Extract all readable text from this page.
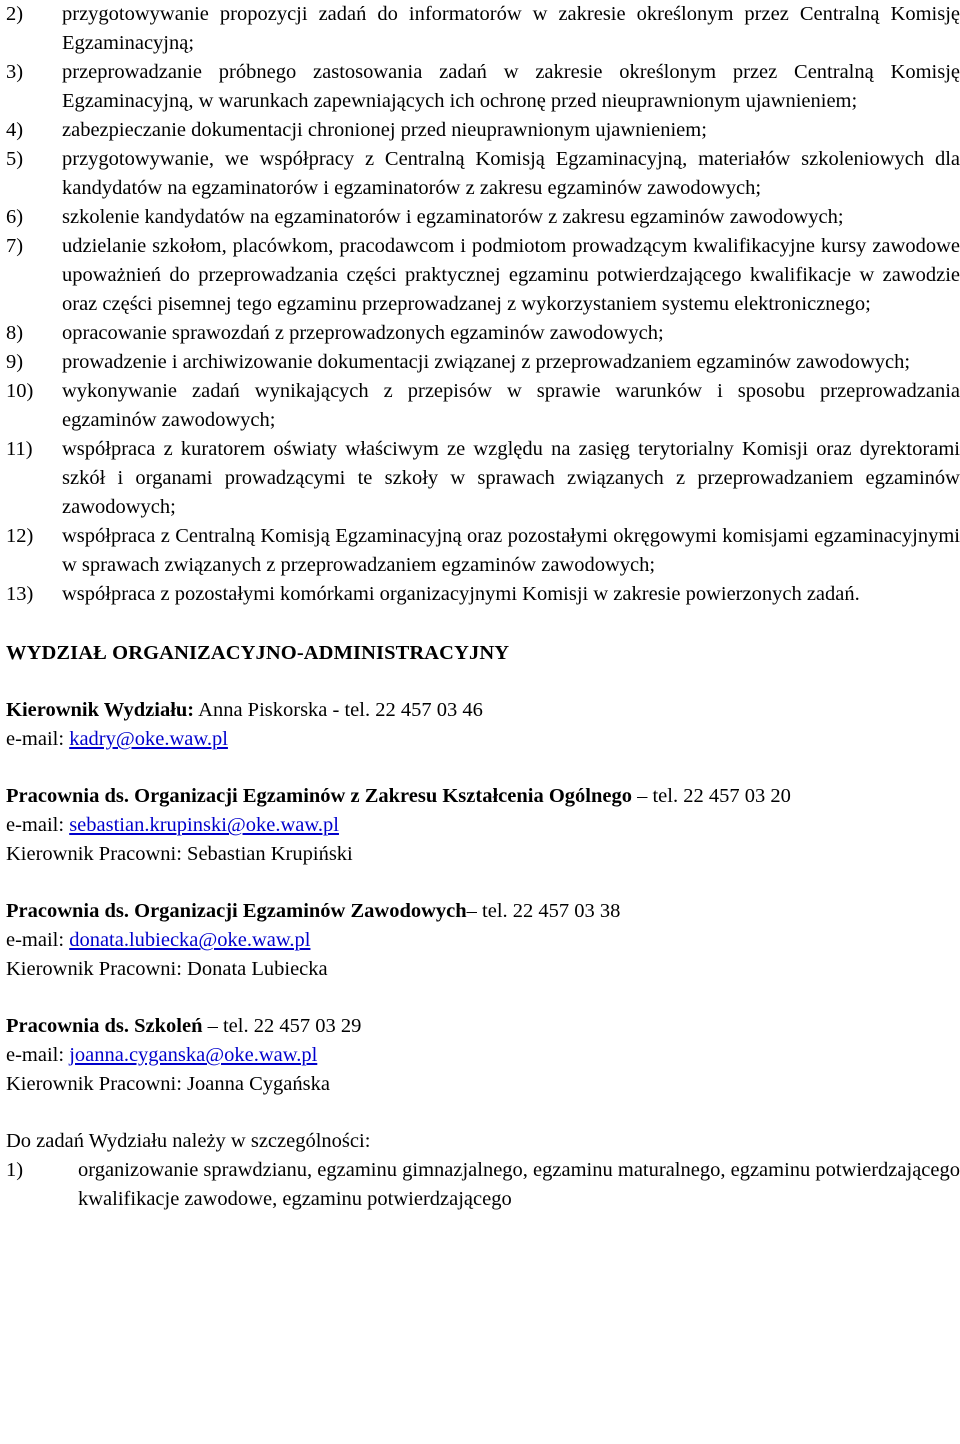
2) przygotowywanie propozycji zadań do informatorów w zakresie określonym przez Centralną Komisję Egzaminacyjną;
3) przeprowadzanie próbnego zastosowania zadań w zakresie określonym przez Centralną Komisję Egzaminacyjną, w warunkach zapewniających ich ochronę przed nieuprawnionym ujawnieniem;
4) zabezpieczanie dokumentacji chronionej przed nieuprawnionym ujawnieniem;
5) przygotowywanie, we współpracy z Centralną Komisją Egzaminacyjną, materiałów szkoleniowych dla kandydatów na egzaminatorów i egzaminatorów z zakresu egzaminów zawodowych;
6) szkolenie kandydatów na egzaminatorów i egzaminatorów z zakresu egzaminów zawodowych;
7) udzielanie szkołom, placówkom, pracodawcom i podmiotom prowadzącym kwalifikacyjne kursy zawodowe upoważnień do przeprowadzania części praktycznej egzaminu potwierdzającego kwalifikacje w zawodzie oraz części pisemnej tego egzaminu przeprowadzanej z wykorzystaniem systemu elektronicznego;
8) opracowanie sprawozdań z przeprowadzonych egzaminów zawodowych;
9) prowadzenie i archiwizowanie dokumentacji związanej z przeprowadzaniem egzaminów zawodowych;
10) wykonywanie zadań wynikających z przepisów w sprawie warunków i sposobu przeprowadzania egzaminów zawodowych;
11) współpraca z kuratorem oświaty właściwym ze względu na zasięg terytorialny Komisji oraz dyrektorami szkół i organami prowadzącymi te szkoły w sprawach związanych z przeprowadzaniem egzaminów zawodowych;
12) współpraca z Centralną Komisją Egzaminacyjną oraz pozostałymi okręgowymi komisjami egzaminacyjnymi w sprawach związanych z przeprowadzaniem egzaminów zawodowych;
13) współpraca z pozostałymi komórkami organizacyjnymi Komisji w zakresie powierzonych zadań.
WYDZIAŁ ORGANIZACYJNO-ADMINISTRACYJNY

Kierownik Wydziału: Anna Piskorska - tel. 22 457 03 46

e-mail: kadry@oke.waw.pl

Pracownia ds. Organizacji Egzaminów z Zakresu Kształcenia Ogólnego – tel. 22 457 03 20

e-mail: sebastian.krupinski@oke.waw.pl

Kierownik Pracowni: Sebastian Krupiński

Pracownia ds. Organizacji Egzaminów Zawodowych– tel. 22 457 03 38

e-mail: donata.lubiecka@oke.waw.pl

Kierownik Pracowni: Donata Lubiecka

Pracownia ds. Szkoleń – tel. 22 457 03 29

e-mail: joanna.cyganska@oke.waw.pl

Kierownik Pracowni: Joanna Cygańska

Do zadań Wydziału należy w szczególności:
1)	organizowanie sprawdzianu, egzaminu gimnazjalnego, egzaminu maturalnego, egzaminu potwierdzającego kwalifikacje zawodowe, egzaminu potwierdzającego
